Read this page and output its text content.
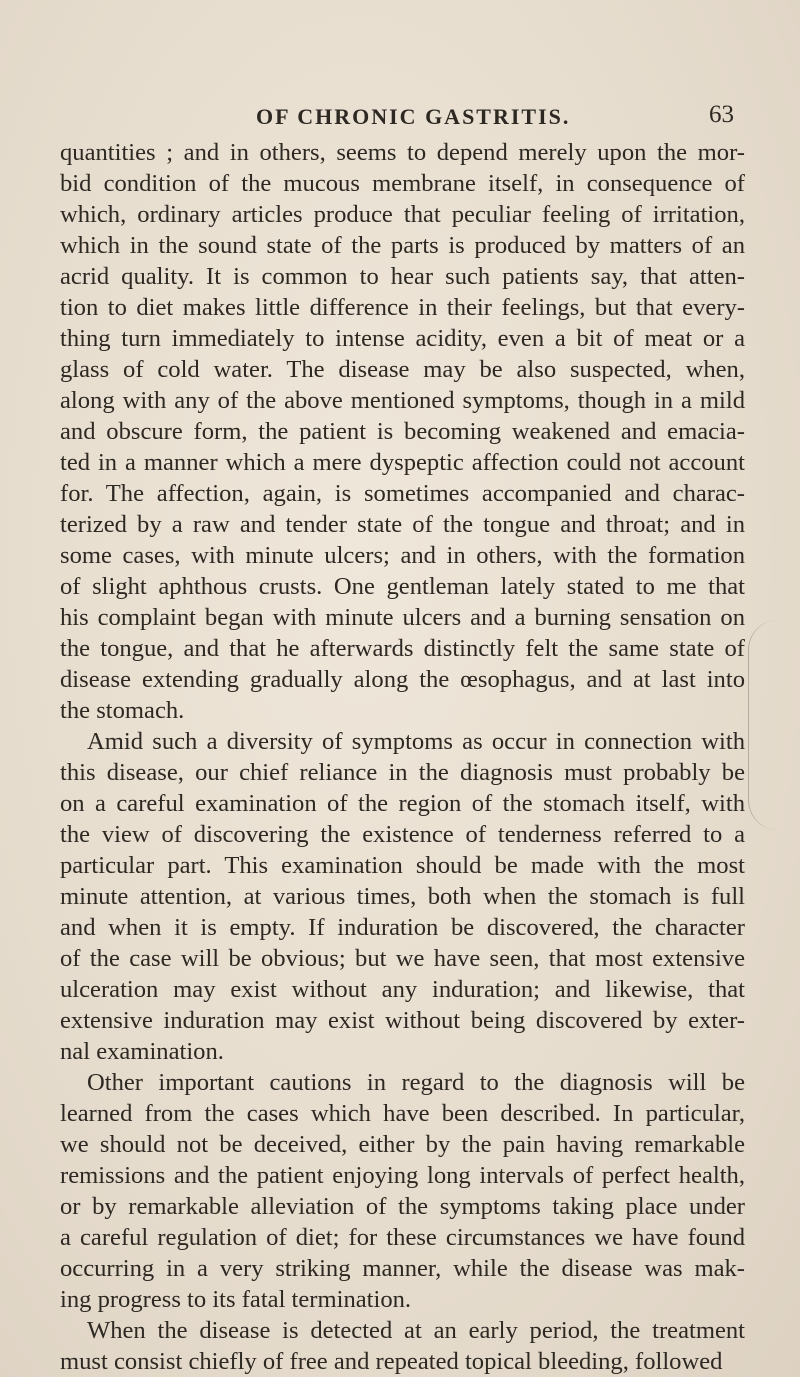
OF CHRONIC GASTRITIS.	63
quantities ; and in others, seems to depend merely upon the mor-
bid condition of the mucous membrane itself, in consequence of
which, ordinary articles produce that peculiar feeling of irritation,
which in the sound state of the parts is produced by matters of an
acrid quality. It is common to hear such patients say, that atten-
tion to diet makes little difference in their feelings, but that every-
thing turn immediately to intense acidity, even a bit of meat or a
glass of cold water. The disease may be also suspected, when,
along with any of the above mentioned symptoms, though in a mild
and obscure form, the patient is becoming weakened and emacia-
ted in a manner which a mere dyspeptic affection could not account
for. The affection, again, is sometimes accompanied and charac-
terized by a raw and tender state of the tongue and throat; and in
some cases, with minute ulcers; and in others, with the formation
of slight aphthous crusts. One gentleman lately stated to me that
his complaint began with minute ulcers and a burning sensation on
the tongue, and that he afterwards distinctly felt the same state of
disease extending gradually along the œsophagus, and at last into
the stomach.
Amid such a diversity of symptoms as occur in connection with
this disease, our chief reliance in the diagnosis must probably be
on a careful examination of the region of the stomach itself, with
the view of discovering the existence of tenderness referred to a
particular part. This examination should be made with the most
minute attention, at various times, both when the stomach is full
and when it is empty. If induration be discovered, the character
of the case will be obvious; but we have seen, that most extensive
ulceration may exist without any induration; and likewise, that
extensive induration may exist without being discovered by exter-
nal examination.
Other important cautions in regard to the diagnosis will be
learned from the cases which have been described. In particular,
we should not be deceived, either by the pain having remarkable
remissions and the patient enjoying long intervals of perfect health,
or by remarkable alleviation of the symptoms taking place under
a careful regulation of diet; for these circumstances we have found
occurring in a very striking manner, while the disease was mak-
ing progress to its fatal termination.
When the disease is detected at an early period, the treatment
must consist chiefly of free and repeated topical bleeding, followed
